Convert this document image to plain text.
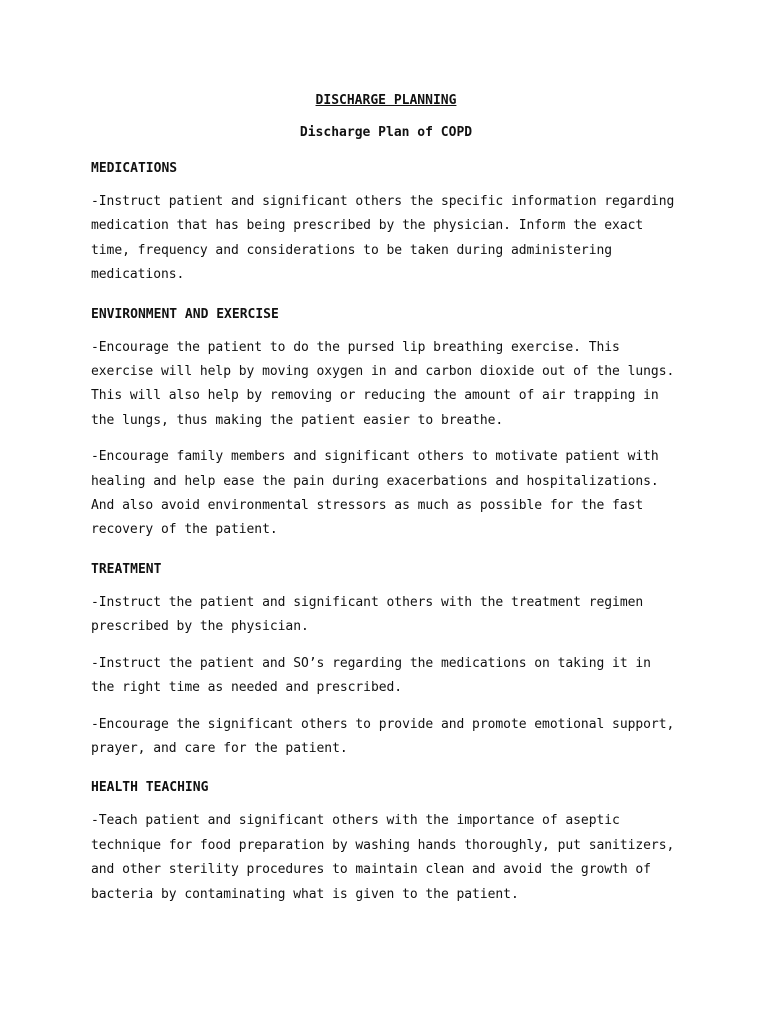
DISCHARGE PLANNING
Discharge Plan of COPD
MEDICATIONS

-Instruct patient and significant others the specific information regarding medication that has being prescribed by the physician. Inform the exact time, frequency and considerations to be taken during administering medications.

ENVIRONMENT AND EXERCISE

-Encourage the patient to do the pursed lip breathing exercise. This exercise will help by moving oxygen in and carbon dioxide out of the lungs. This will also help by removing or reducing the amount of air trapping in the lungs, thus making the patient easier to breathe.

-Encourage family members and significant others to motivate patient with healing and help ease the pain during exacerbations and hospitalizations. And also avoid environmental stressors as much as possible for the fast recovery of the patient.

TREATMENT

-Instruct the patient and significant others with the treatment regimen prescribed by the physician.

-Instruct the patient and SO’s regarding the medications on taking it in the right time as needed and prescribed.

-Encourage the significant others to provide and promote emotional support, prayer, and care for the patient.

HEALTH TEACHING

-Teach patient and significant others with the importance of aseptic technique for food preparation by washing hands thoroughly, put sanitizers, and other sterility procedures to maintain clean and avoid the growth of bacteria by contaminating what is given to the patient.
